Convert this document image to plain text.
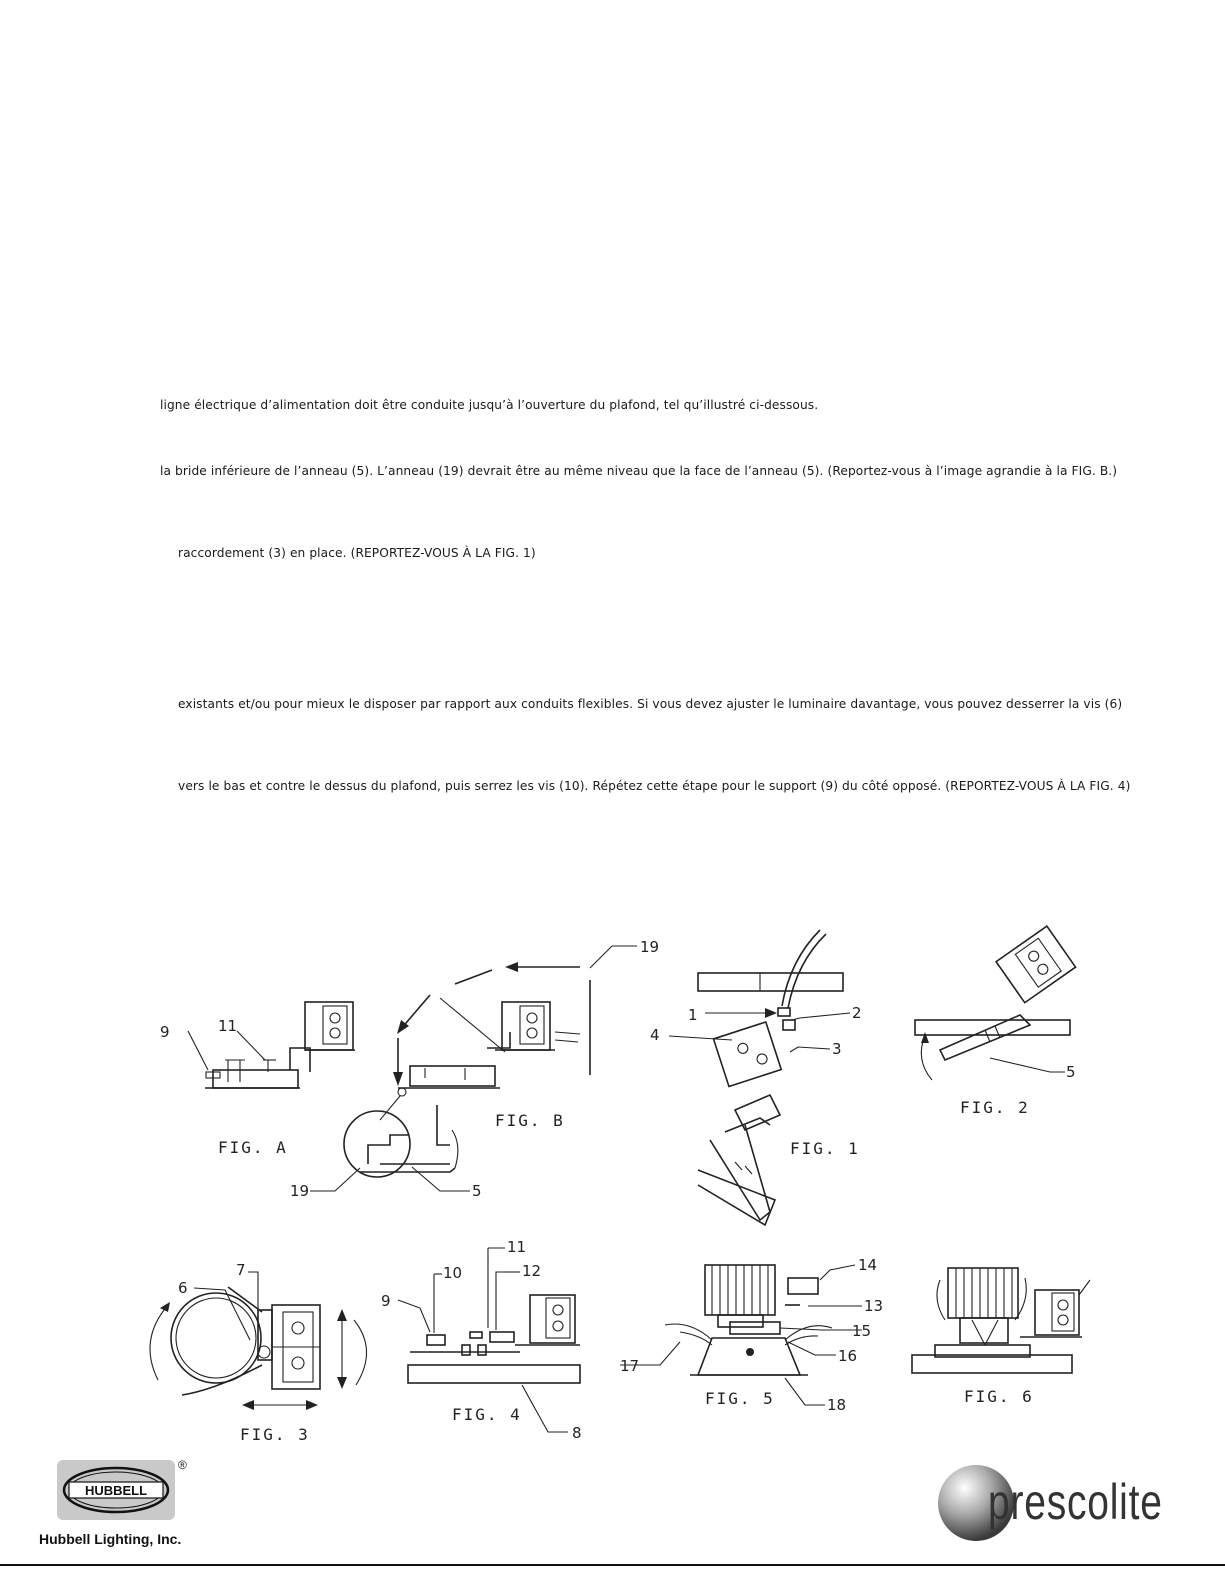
ligne électrique d’alimentation doit être conduite jusqu’à l’ouverture du plafond, tel qu’illustré ci-dessous.
la bride inférieure de l’anneau (5). L’anneau (19) devrait être au même niveau que la face de l’anneau (5). (Reportez-vous à l’image agrandie à la FIG. B.)
raccordement (3) en place. (REPORTEZ-VOUS À LA FIG. 1)
existants et/ou pour mieux le disposer par rapport aux conduits flexibles. Si vous devez ajuster le luminaire davantage, vous pouvez desserrer la vis (6)
vers le bas et contre le dessus du plafond, puis serrez les vis (10). Répétez cette étape pour le support (9) du côté opposé. (REPORTEZ-VOUS À LA FIG. 4)
9	11
FIG. A
19
19	5
FIG. B
1	2
3
4
FIG. 1
5
FIG. 2
6
7
FIG. 3
9
10
11
12
8
FIG. 4
14
13
15
16
17
18
FIG. 5	FIG. 6
HUBBELL
®
Hubbell Lighting, Inc.
prescolite
